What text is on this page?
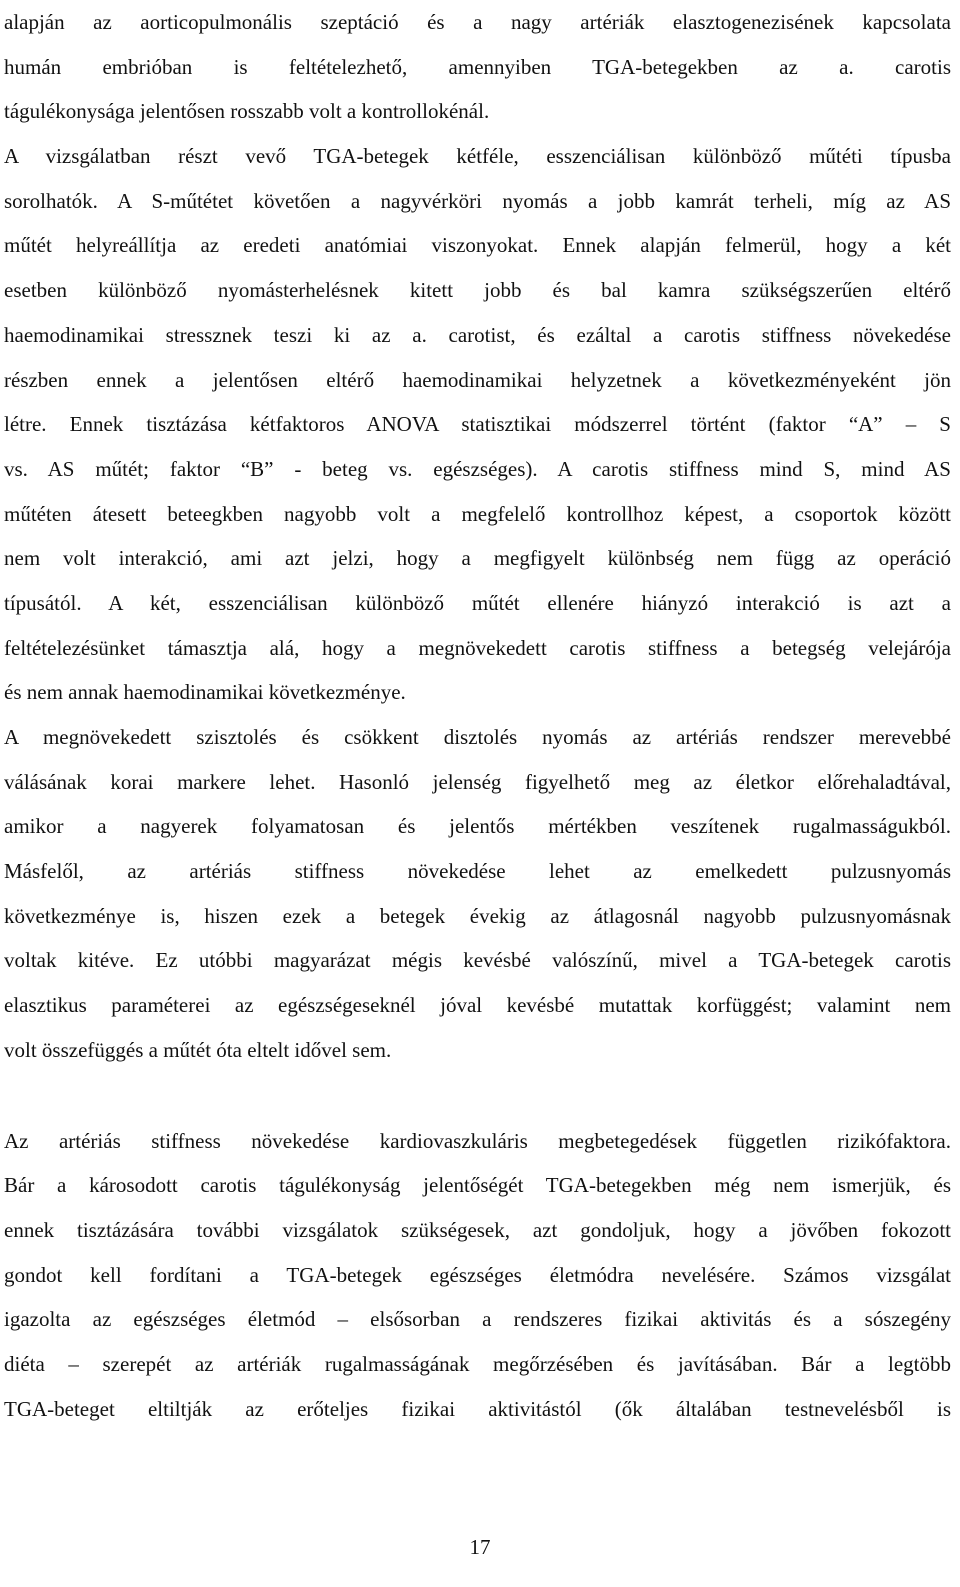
alapján az aorticopulmonális szeptáció és a nagy artériák elasztogenezisének kapcsolata
humán embrióban is feltételezhető, amennyiben TGA-betegekben az a. carotis
tágulékonysága jelentősen rosszabb volt a kontrollokénál.
A vizsgálatban részt vevő TGA-betegek kétféle, esszenciálisan különböző műtéti típusba
sorolhatók. A S-műtétet követően a nagyvérköri nyomás a jobb kamrát terheli, míg az AS
műtét helyreállítja az eredeti anatómiai viszonyokat. Ennek alapján felmerül, hogy a két
esetben különböző nyomásterhelésnek kitett jobb és bal kamra szükségszerűen eltérő
haemodinamikai stressznek teszi ki az a. carotist, és ezáltal a carotis stiffness növekedése
részben ennek a jelentősen eltérő haemodinamikai helyzetnek a következményeként jön
létre. Ennek tisztázása kétfaktoros ANOVA statisztikai módszerrel történt (faktor “A” – S
vs. AS műtét; faktor “B” - beteg vs. egészséges). A carotis stiffness mind S, mind AS
műtéten átesett beteegkben nagyobb volt a megfelelő kontrollhoz képest, a csoportok között
nem volt interakció, ami azt jelzi, hogy a megfigyelt különbség nem függ az operáció
típusától. A két, esszenciálisan különböző műtét ellenére hiányzó interakció is azt a
feltételezésünket támasztja alá, hogy a megnövekedett carotis stiffness a betegség velejárója
és nem annak haemodinamikai következménye.
A megnövekedett szisztolés és csökkent disztolés nyomás az artériás rendszer merevebbé
válásának korai markere lehet. Hasonló jelenség figyelhető meg az életkor előrehaladtával,
amikor a nagyerek folyamatosan és jelentős mértékben veszítenek rugalmasságukból.
Másfelől, az artériás stiffness növekedése lehet az emelkedett pulzusnyomás
következménye is, hiszen ezek a betegek évekig az átlagosnál nagyobb pulzusnyomásnak
voltak kitéve. Ez utóbbi magyarázat mégis kevésbé valószínű, mivel a TGA-betegek carotis
elasztikus paraméterei az egészségeseknél jóval kevésbé mutattak korfüggést; valamint nem
volt összefüggés a műtét óta eltelt idővel sem.
Az artériás stiffness növekedése kardiovaszkuláris megbetegedések független rizikófaktora.
Bár a károsodott carotis tágulékonyság jelentőségét TGA-betegekben még nem ismerjük, és
ennek tisztázására további vizsgálatok szükségesek, azt gondoljuk, hogy a jövőben fokozott
gondot kell fordítani a TGA-betegek egészséges életmódra nevelésére. Számos vizsgálat
igazolta az egészséges életmód – elsősorban a rendszeres fizikai aktivitás és a sószegény
diéta – szerepét az artériák rugalmasságának megőrzésében és javításában. Bár a legtöbb
TGA-beteget eltiltják az erőteljes fizikai aktivitástól (ők általában testnevelésből is
17
